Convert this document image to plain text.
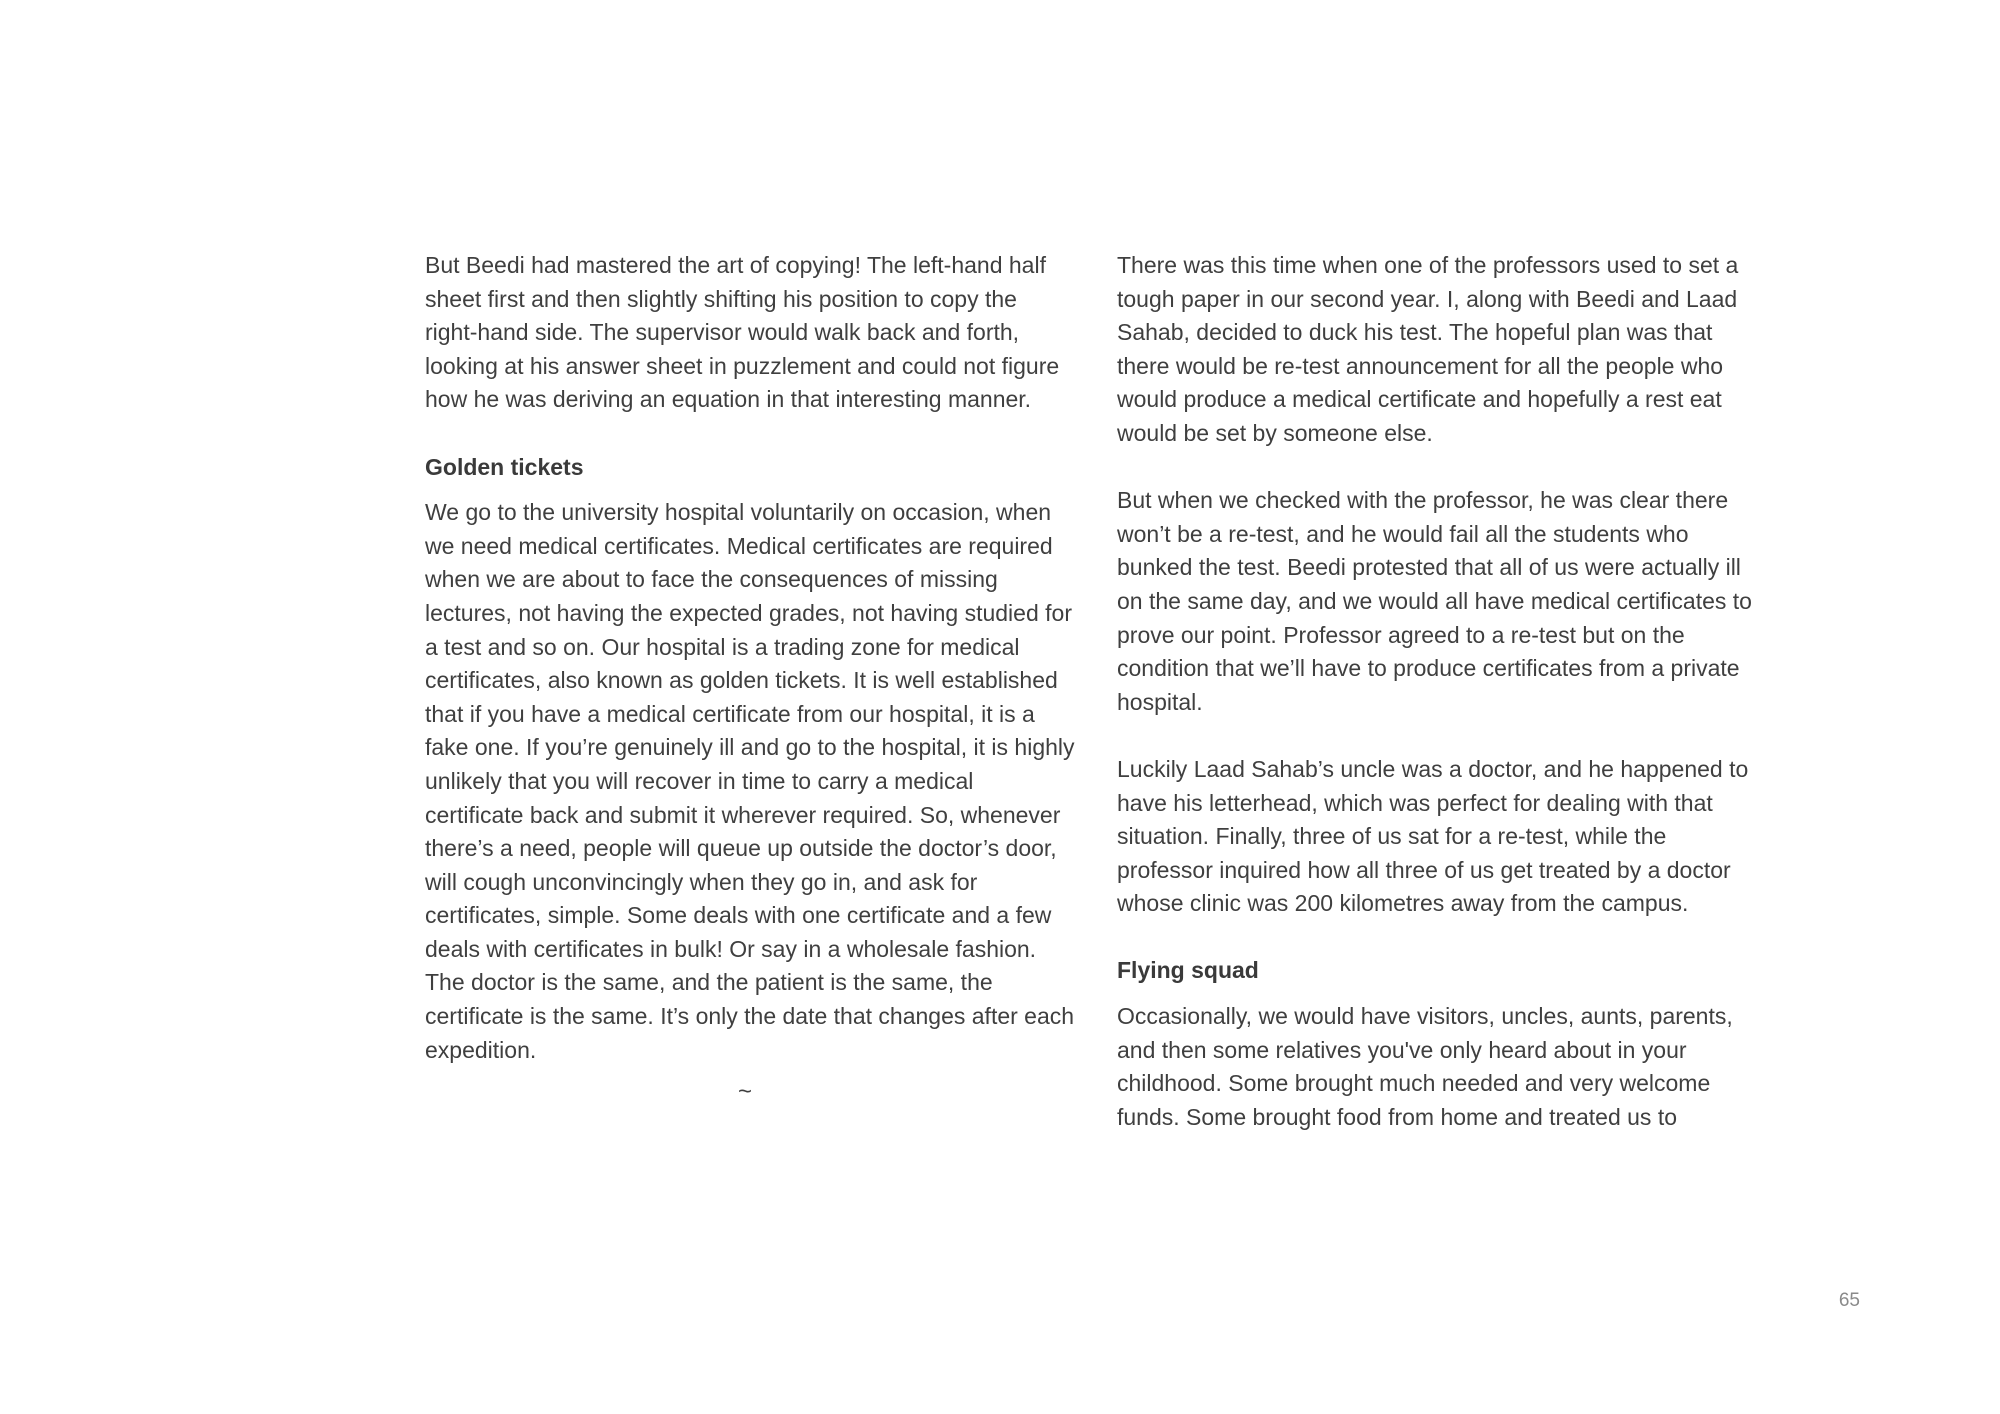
But Beedi had mastered the art of copying! The left-hand half sheet first and then slightly shifting his position to copy the right-hand side. The supervisor would walk back and forth, looking at his answer sheet in puzzlement and could not figure how he was deriving an equation in that interesting manner.

Golden tickets

We go to the university hospital voluntarily on occasion, when we need medical certificates. Medical certificates are required when we are about to face the consequences of missing lectures, not having the expected grades, not having studied for a test and so on. Our hospital is a trading zone for medical certificates, also known as golden tickets. It is well established that if you have a medical certificate from our hospital, it is a fake one. If you’re genuinely ill and go to the hospital, it is highly unlikely that you will recover in time to carry a medical certificate back and submit it wherever required. So, whenever there’s a need, people will queue up outside the doctor’s door, will cough unconvincingly when they go in, and ask for certificates, simple. Some deals with one certificate and a few deals with certificates in bulk! Or say in a wholesale fashion. The doctor is the same, and the patient is the same, the certificate is the same. It’s only the date that changes after each expedition.

~

There was this time when one of the professors used to set a tough paper in our second year. I, along with Beedi and Laad Sahab, decided to duck his test. The hopeful plan was that there would be re-test announcement for all the people who would produce a medical certificate and hopefully a rest eat would be set by someone else.

But when we checked with the professor, he was clear there won’t be a re-test, and he would fail all the students who bunked the test. Beedi protested that all of us were actually ill on the same day, and we would all have medical certificates to prove our point. Professor agreed to a re-test but on the condition that we’ll have to produce certificates from a private hospital.

Luckily Laad Sahab’s uncle was a doctor, and he happened to have his letterhead, which was perfect for dealing with that situation. Finally, three of us sat for a re-test, while the professor inquired how all three of us get treated by a doctor whose clinic was 200 kilometres away from the campus.

Flying squad

Occasionally, we would have visitors, uncles, aunts, parents, and then some relatives you've only heard about in your childhood. Some brought much needed and very welcome funds. Some brought food from home and treated us to

65
